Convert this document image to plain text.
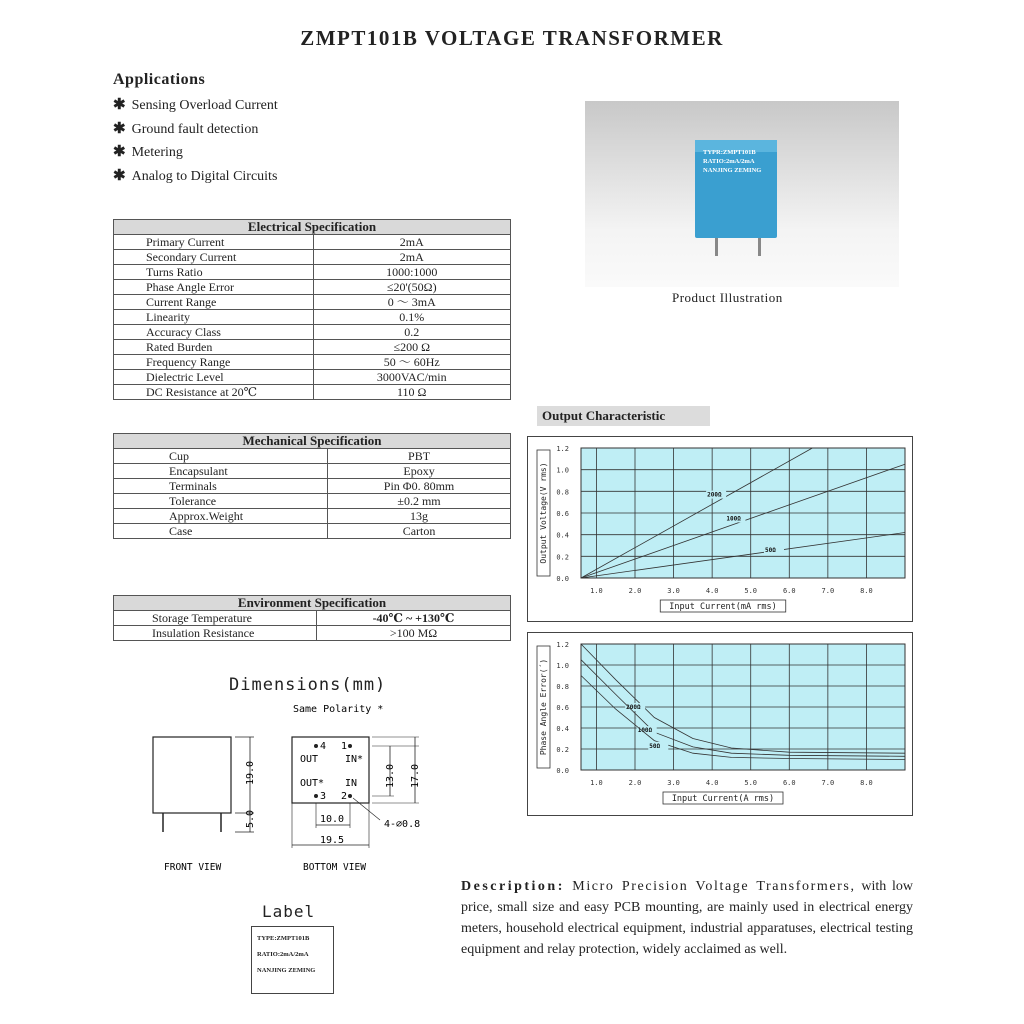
ZMPT101B VOLTAGE TRANSFORMER
Applications
✱ Sensing Overload Current
✱ Ground fault detection
✱ Metering
✱ Analog to Digital Circuits
Electrical Specification	
Primary Current	2mA
Secondary Current	2mA
Turns Ratio	1000:1000
Phase Angle Error	≤20'(50Ω)
Current Range	0 ～ 3mA
Linearity	0.1%
Accuracy Class	0.2
Rated Burden	≤200 Ω
Frequency Range	50 ～ 60Hz
Dielectric Level	3000VAC/min
DC Resistance at 20℃	110 Ω
Mechanical Specification	
Cup	PBT
Encapsulant	Epoxy
Terminals	Pin Φ0. 80mm
Tolerance	±0.2 mm
Approx.Weight	13g
Case	Carton
Environment Specification	
Storage Temperature	-40℃ ~ +130℃
Insulation Resistance	>100 MΩ
TYPR:ZMPT101B
RATIO:2mA/2mA
NANJING ZEMING
Product Illustration
Output Characteristic
1.0	2.0	3.0	4.0	5.0	6.0	7.0	8.0
0.0
0.2
0.4
0.6
0.8
1.0
1.2
200Ω
100Ω
50Ω
Input Current(mA rms)
Output Voltage(V rms)
1.0	2.0	3.0	4.0	5.0	6.0	7.0	8.0
0.0
0.2
0.4
0.6
0.8
1.0
1.2
200Ω
100Ω
50Ω
Input Current(A rms)
Phase Angle Error(´)
Dimensions(mm)
Same Polarity *
19.0
5.0
FRONT VIEW
4 1
3 2
OUT	IN*
OUT* IN	13.0 17.0
10.0
19.5
4-∅0.8
BOTTOM VIEW
Label
TYPE:ZMPT101B
RATIO:2mA/2mA
NANJING ZEMING
Description: Micro Precision Voltage Transformers, with low price, small size and easy PCB mounting, are mainly used in electrical energy meters, household electrical equipment, industrial apparatuses, electrical testing equipment and relay protection, widely acclaimed as well.
